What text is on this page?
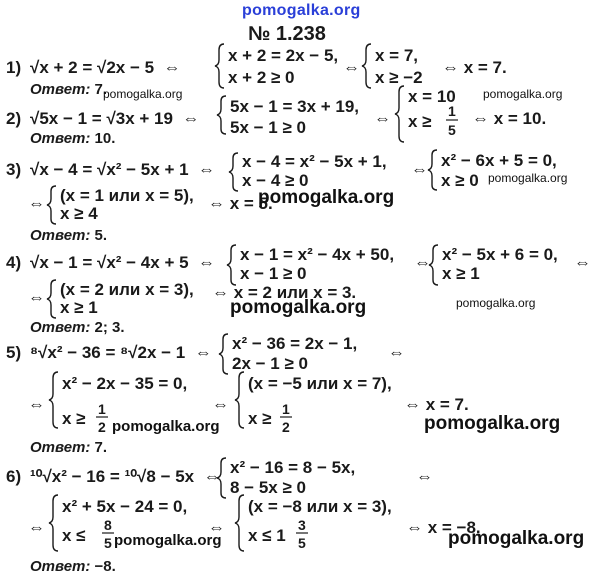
pomogalka.org
№ 1.238
1) √x + 2 = √2x − 5  ⇔
x + 2 = 2x − 5,
x + 2 ≥ 0
⇔
x = 7,
x ≥ −2
⇔ x = 7.
Ответ: 7.
pomogalka.org	pomogalka.org
2) √5x − 1 = √3x + 19  ⇔
5x − 1 = 3x + 19,
5x − 1 ≥ 0	⇔
x = 10
x ≥
1
5
⇔ x = 10.
Ответ: 10.
3) √x − 4 = √x² − 5x + 1  ⇔ x − 4 = x² − 5x + 1,
x − 4 ≥ 0
⇔ x² − 6x + 5 = 0,
x ≥ 0 pomogalka.org
⇔ (x = 1 или x = 5),
x ≥ 4
⇔ x = 5.
pomogalka.org
Ответ: 5.
4) √x − 1 = √x² − 4x + 5  ⇔ x − 1 = x² − 4x + 50,
x − 1 ≥ 0
⇔ x² − 5x + 6 = 0,
x ≥ 1
⇔
⇔ (x = 2 или x = 3),
x ≥ 1
⇔ x = 2 или x = 3.
pomogalka.org	pomogalka.org
Ответ: 2; 3.
5) ⁸√x² − 36 = ⁸√2x − 1  ⇔ x² − 36 = 2x − 1,
2x − 1 ≥ 0
⇔
⇔
x² − 2x − 35 = 0,
x ≥ 1
2
⇔
(x = −5 или x = 7),
x ≥ 1
2
⇔ x = 7.
pomogalka.org	pomogalka.org
Ответ: 7.
6) ¹⁰√x² − 16 = ¹⁰√8 − 5x  ⇔ x² − 16 = 8 − 5x,
8 − 5x ≥ 0
⇔
⇔
x² + 5x − 24 = 0,
x ≤
8
5
⇔
(x = −8 или x = 3),
x ≤ 1
3
5
⇔ x = −8.
pomogalka.org	pomogalka.org
Ответ: −8.
